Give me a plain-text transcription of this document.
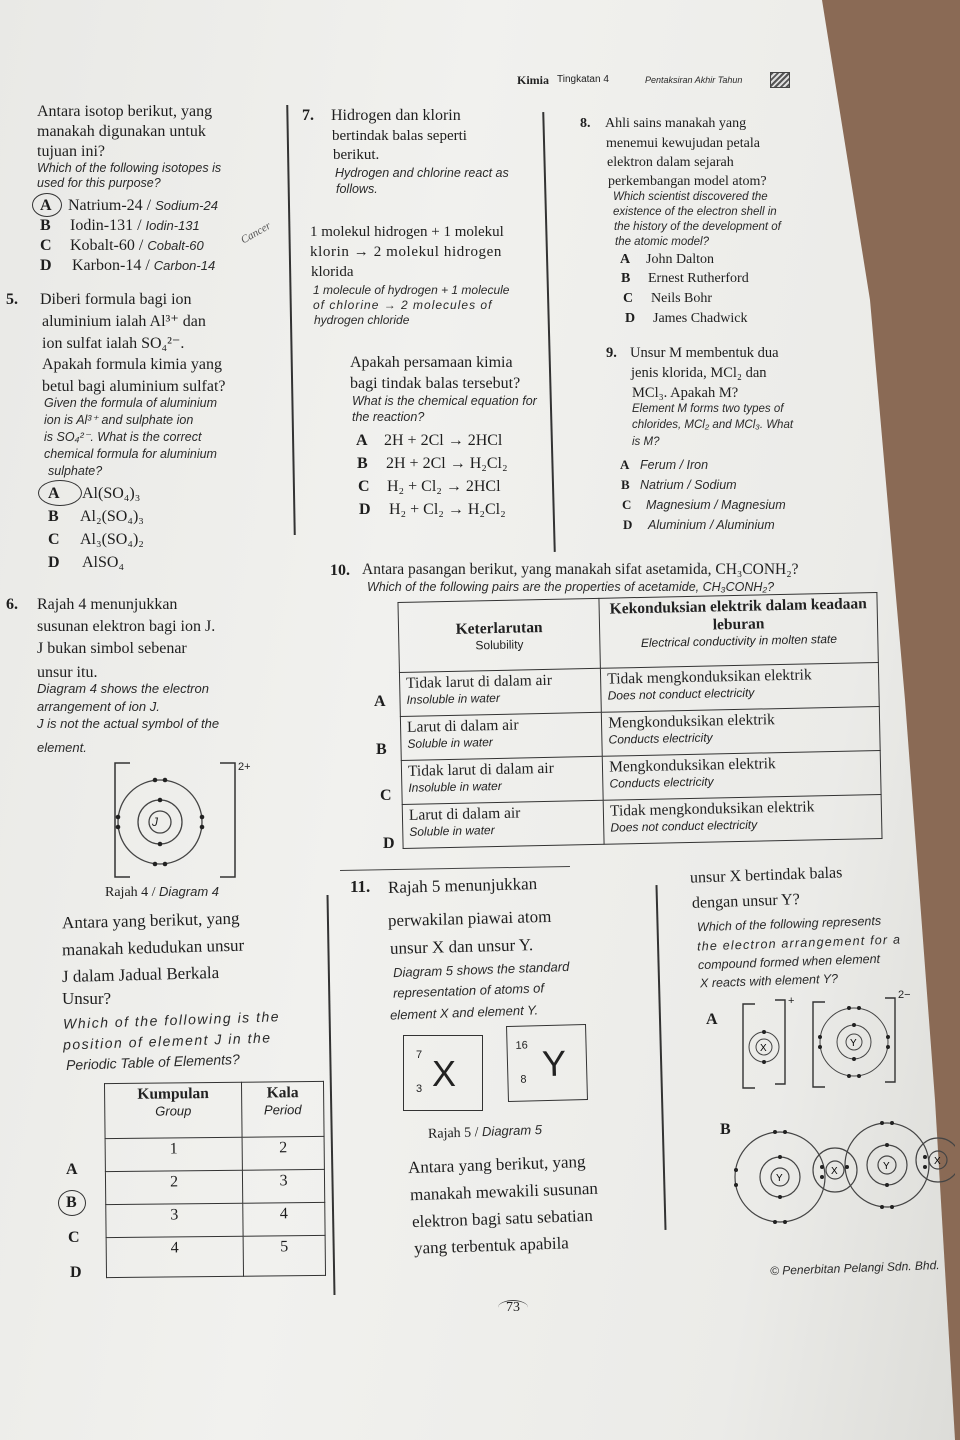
Kimia Tingkatan 4	Pentaksiran Akhir Tahun
Antara isotop berikut, yang
manakah digunakan untuk
tujuan ini?
Which of the following isotopes is
used for this purpose?
A Natrium-24 / Sodium-24
B Iodin-131 / Iodin-131
C Kobalt-60 / Cobalt-60	Cancer
D Karbon-14 / Carbon-14
5. Diberi formula bagi ion
aluminium ialah Al³⁺ dan
ion sulfat ialah SO₄²⁻.
Apakah formula kimia yang
betul bagi aluminium sulfat?
Given the formula of aluminium
ion is Al³⁺ and sulphate ion
is SO₄²⁻. What is the correct
chemical formula for aluminium
sulphate?
A Al(SO₄)₃
B Al₂(SO₄)₃
C Al₃(SO₄)₂
D AlSO₄
6. Rajah 4 menunjukkan
susunan elektron bagi ion J.
J bukan simbol sebenar
unsur itu.
Diagram 4 shows the electron
arrangement of ion J.
J is not the actual symbol of the
element.
J
2+
Rajah 4 / Diagram 4
Antara yang berikut, yang
manakah kedudukan unsur
J dalam Jadual Berkala
Unsur?
Which of the following is the
position of element J in the
Periodic Table of Elements?
Kumpulan
Group	Kala
Period

1	2
2	3
3	4
4	5
A
B
C
D
7. Hidrogen dan klorin
bertindak balas seperti
berikut.
Hydrogen and chlorine react as
follows.
1 molekul hidrogen + 1 molekul
klorin → 2 molekul hidrogen
klorida
1 molecule of hydrogen + 1 molecule
of chlorine → 2 molecules of
hydrogen chloride
Apakah persamaan kimia
bagi tindak balas tersebut?
What is the chemical equation for
the reaction?
A 2H + 2Cl → 2HCl
B 2H + 2Cl → H₂Cl₂
C H₂ + Cl₂ → 2HCl
D H₂ + Cl₂ → H₂Cl₂
8. Ahli sains manakah yang
menemui kewujudan petala
elektron dalam sejarah
perkembangan model atom?
Which scientist discovered the
existence of the electron shell in
the history of the development of
the atomic model?
A John Dalton
B Ernest Rutherford
C Neils Bohr
D James Chadwick
9. Unsur M membentuk dua
jenis klorida, MCl₂ dan
MCl₃. Apakah M?
Element M forms two types of
chlorides, MCl₂ and MCl₃. What
is M?
A Ferum / Iron
B Natrium / Sodium
C Magnesium / Magnesium
D Aluminium / Aluminium
10. Antara pasangan berikut, yang manakah sifat asetamida, CH₃CONH₂?
Which of the following pairs are the properties of acetamide, CH₃CONH₂?
Keterlarutan
Solubility	Kekonduksian elektrik dalam keadaan leburan
Electrical conductivity in molten state

Tidak larut di dalam air
Insoluble in water	Tidak mengkonduksikan elektrik
Does not conduct electricity

Larut di dalam air
Soluble in water	Mengkonduksikan elektrik
Conducts electricity

Tidak larut di dalam air
Insoluble in water	Mengkonduksikan elektrik
Conducts electricity

Larut di dalam air
Soluble in water	Tidak mengkonduksikan elektrik
Does not conduct electricity
A
B
C
D
11. Rajah 5 menunjukkan
perwakilan piawai atom
unsur X dan unsur Y.
Diagram 5 shows the standard
representation of atoms of
element X and element Y.
7
3 X
16
8 Y
Rajah 5 / Diagram 5
Antara yang berikut, yang
manakah mewakili susunan
elektron bagi satu sebatian
yang terbentuk apabila
unsur X bertindak balas
dengan unsur Y?
Which of the following represents
the electron arrangement for a
compound formed when element
X reacts with element Y?
A
X	Y
+	2−
B
Y
X	Y	X
© Penerbitan Pelangi Sdn. Bhd.
73
